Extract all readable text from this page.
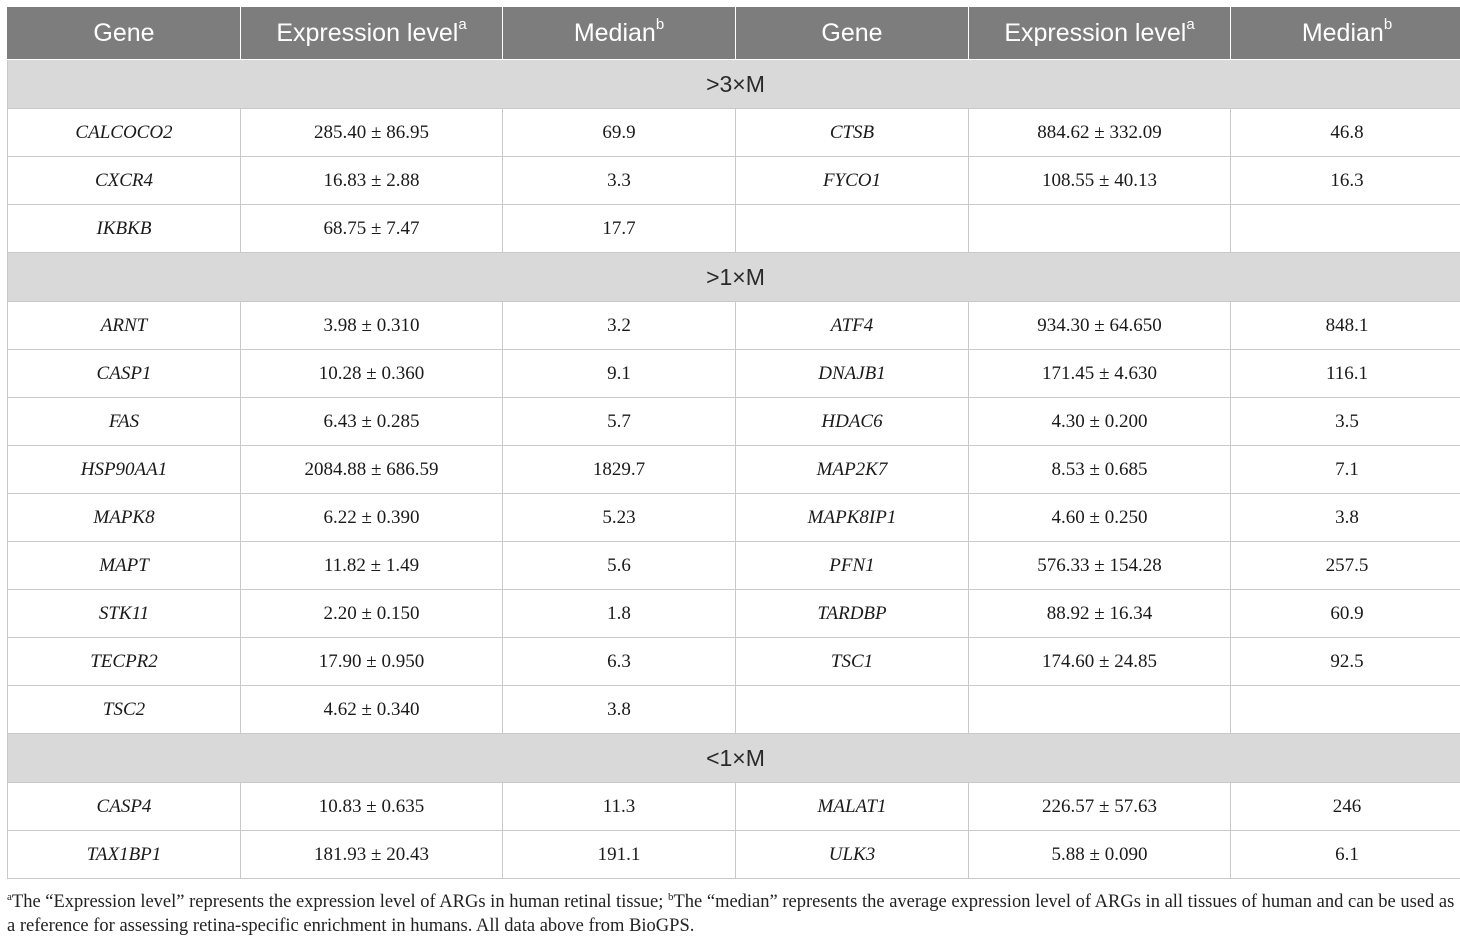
Gene	Expression level$^a$	Median$^b$	Gene	Expression level$^a$	Median$^b$
>3×M					
CALCOCO2	285.40 ± 86.95	69.9	CTSB	884.62 ± 332.09	46.8
CXCR4	16.83 ± 2.88	3.3	FYCO1	108.55 ± 40.13	16.3
IKBKB	68.75 ± 7.47	17.7			
>1×M					
ARNT	3.98 ± 0.310	3.2	ATF4	934.30 ± 64.650	848.1
CASP1	10.28 ± 0.360	9.1	DNAJB1	171.45 ± 4.630	116.1
FAS	6.43 ± 0.285	5.7	HDAC6	4.30 ± 0.200	3.5
HSP90AA1	2084.88 ± 686.59	1829.7	MAP2K7	8.53 ± 0.685	7.1
MAPK8	6.22 ± 0.390	5.23	MAPK8IP1	4.60 ± 0.250	3.8
MAPT	11.82 ± 1.49	5.6	PFN1	576.33 ± 154.28	257.5
STK11	2.20 ± 0.150	1.8	TARDBP	88.92 ± 16.34	60.9
TECPR2	17.90 ± 0.950	6.3	TSC1	174.60 ± 24.85	92.5
TSC2	4.62 ± 0.340	3.8			
<1×M					
CASP4	10.83 ± 0.635	11.3	MALAT1	226.57 ± 57.63	246
TAX1BP1	181.93 ± 20.43	191.1	ULK3	5.88 ± 0.090	6.1
$^a$The “Expression level” represents the expression level of ARGs in human retinal tissue; $^b$The “median” represents the average expression level of ARGs in all tissues of human and can be used as a reference for assessing retina-specific enrichment in humans. All data above from BioGPS.
